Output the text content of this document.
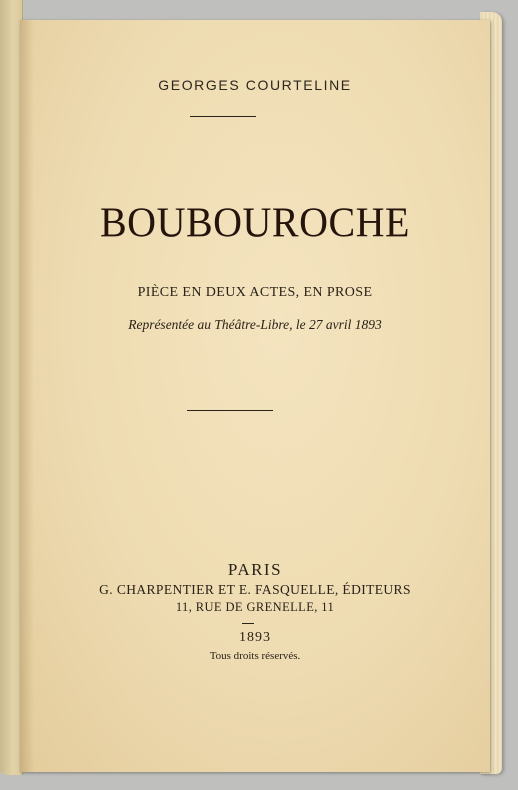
GEORGES COURTELINE
BOUBOUROCHE
PIÈCE EN DEUX ACTES, EN PROSE
Représentée au Théâtre-Libre, le 27 avril 1893
PARIS
G. CHARPENTIER ET E. FASQUELLE, ÉDITEURS
11, RUE DE GRENELLE, 11
1893
Tous droits réservés.
